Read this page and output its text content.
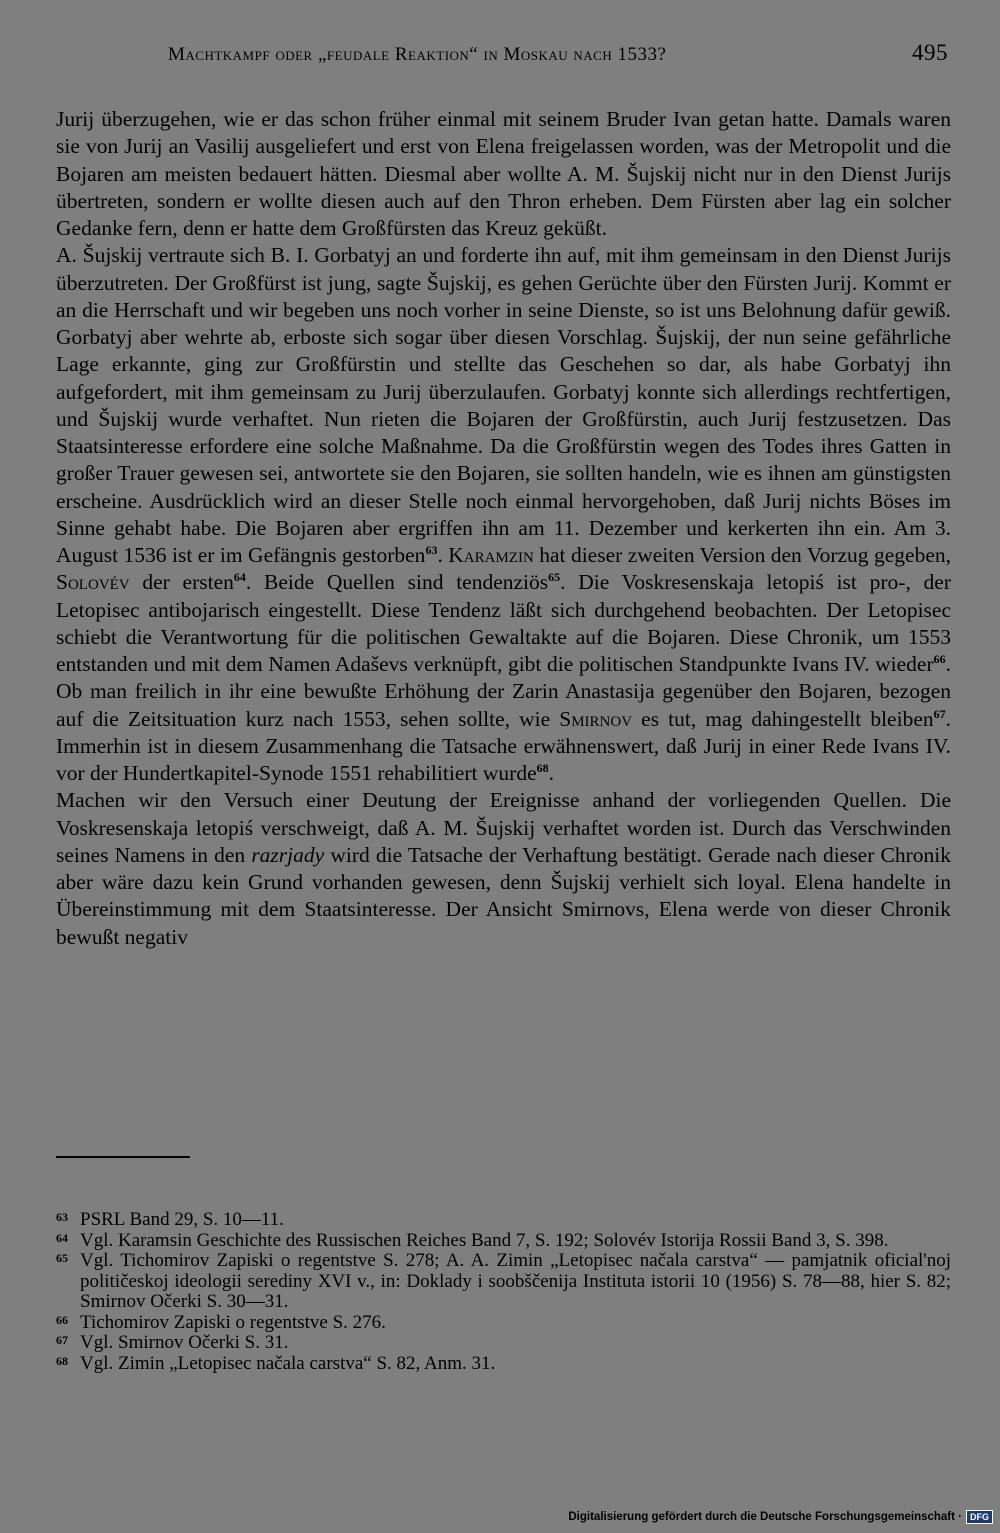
Machtkampf oder „feudale Reaktion“ in Moskau nach 1533?	495

Jurij überzugehen, wie er das schon früher einmal mit seinem Bruder Ivan getan hatte. Damals waren sie von Jurij an Vasilij ausgeliefert und erst von Elena freigelassen worden, was der Metropolit und die Bojaren am meisten bedauert hätten. Diesmal aber wollte A. M. Šujskij nicht nur in den Dienst Jurijs übertreten, sondern er wollte diesen auch auf den Thron erheben. Dem Fürsten aber lag ein solcher Gedanke fern, denn er hatte dem Großfürsten das Kreuz geküßt.

A. Šujskij vertraute sich B. I. Gorbatyj an und forderte ihn auf, mit ihm gemeinsam in den Dienst Jurijs überzutreten. Der Großfürst ist jung, sagte Šujskij, es gehen Gerüchte über den Fürsten Jurij. Kommt er an die Herrschaft und wir begeben uns noch vorher in seine Dienste, so ist uns Belohnung dafür gewiß. Gorbatyj aber wehrte ab, erboste sich sogar über diesen Vorschlag. Šujskij, der nun seine gefährliche Lage erkannte, ging zur Großfürstin und stellte das Geschehen so dar, als habe Gorbatyj ihn aufgefordert, mit ihm gemeinsam zu Jurij überzulaufen. Gorbatyj konnte sich allerdings rechtfertigen, und Šujskij wurde verhaftet. Nun rieten die Bojaren der Großfürstin, auch Jurij festzusetzen. Das Staatsinteresse erfordere eine solche Maßnahme. Da die Großfürstin wegen des Todes ihres Gatten in großer Trauer gewesen sei, antwortete sie den Bojaren, sie sollten handeln, wie es ihnen am günstigsten erscheine. Ausdrücklich wird an dieser Stelle noch einmal hervorgehoben, daß Jurij nichts Böses im Sinne gehabt habe. Die Bojaren aber ergriffen ihn am 11. Dezember und kerkerten ihn ein. Am 3. August 1536 ist er im Gefängnis gestorben$^{63}$. Karamzin hat dieser zweiten Version den Vorzug gegeben, Solovév der ersten$^{64}$. Beide Quellen sind tendenziös$^{65}$. Die Voskresenskaja letopiś ist pro-, der Letopisec antibojarisch eingestellt. Diese Tendenz läßt sich durchgehend beobachten. Der Letopisec schiebt die Verantwortung für die politischen Gewaltakte auf die Bojaren. Diese Chronik, um 1553 entstanden und mit dem Namen Adaševs verknüpft, gibt die politischen Standpunkte Ivans IV. wieder$^{66}$. Ob man freilich in ihr eine bewußte Erhöhung der Zarin Anastasija gegenüber den Bojaren, bezogen auf die Zeitsituation kurz nach 1553, sehen sollte, wie Smirnov es tut, mag dahingestellt bleiben$^{67}$. Immerhin ist in diesem Zusammenhang die Tatsache erwähnenswert, daß Jurij in einer Rede Ivans IV. vor der Hundertkapitel-Synode 1551 rehabilitiert wurde$^{68}$.

Machen wir den Versuch einer Deutung der Ereignisse anhand der vorliegenden Quellen. Die Voskresenskaja letopiś verschweigt, daß A. M. Šujskij verhaftet worden ist. Durch das Verschwinden seines Namens in den razrjady wird die Tatsache der Verhaftung bestätigt. Gerade nach dieser Chronik aber wäre dazu kein Grund vorhanden gewesen, denn Šujskij verhielt sich loyal. Elena handelte in Übereinstimmung mit dem Staatsinteresse. Der Ansicht Smirnovs, Elena werde von dieser Chronik bewußt negativ

63 PSRL Band 29, S. 10—11.
64 Vgl. Karamsin Geschichte des Russischen Reiches Band 7, S. 192; Solovév Istorija Rossii Band 3, S. 398.
65 Vgl. Tichomirov Zapiski o regentstve S. 278; A. A. Zimin „Letopisec načala carstva“ — pamjatnik oficial'noj političeskoj ideologii serediny XVI v., in: Doklady i soobščenija Instituta istorii 10 (1956) S. 78—88, hier S. 82; Smirnov Očerki S. 30—31.
66 Tichomirov Zapiski o regentstve S. 276.
67 Vgl. Smirnov Očerki S. 31.
68 Vgl. Zimin „Letopisec načala carstva“ S. 82, Anm. 31.
Digitalisierung gefördert durch die Deutsche Forschungsgemeinschaft · DFG
